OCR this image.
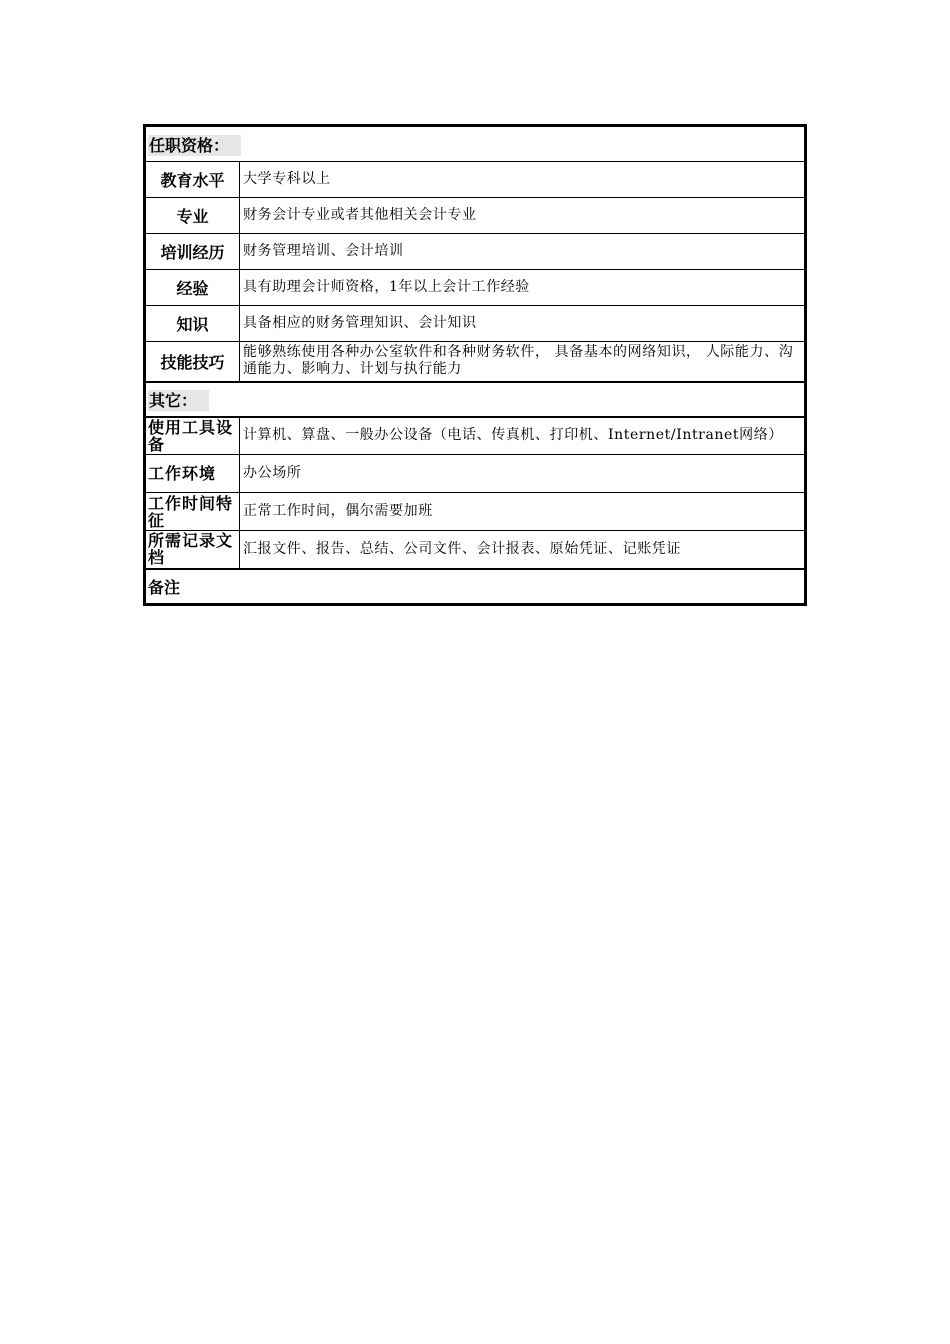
任职资格：	
教育水平	大学专科以上
专业	财务会计专业或者其他相关会计专业
培训经历	财务管理培训、会计培训
经验	具有助理会计师资格，1年以上会计工作经验
知识	具备相应的财务管理知识、会计知识
技能技巧	能够熟练使用各种办公室软件和各种财务软件， 具备基本的网络知识， 人际能力、沟通能力、影响力、计划与执行能力
其它：	
使用工具设备	计算机、算盘、一般办公设备（电话、传真机、打印机、Internet/Intranet网络）
工作环境	办公场所
工作时间特征	正常工作时间，偶尔需要加班
所需记录文档	汇报文件、报告、总结、公司文件、会计报表、原始凭证、记账凭证
备注	
